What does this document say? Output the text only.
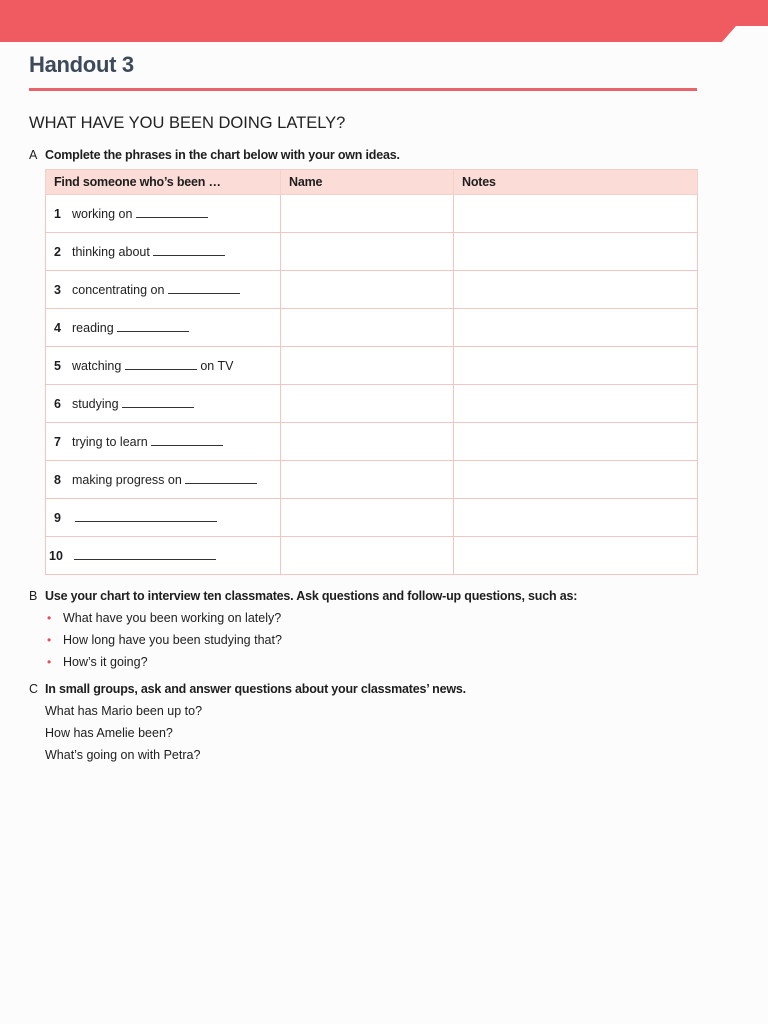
Handout 3
WHAT HAVE YOU BEEN DOING LATELY?
A Complete the phrases in the chart below with your own ideas.
Find someone who’s been …	Name	Notes
1 working on		
2 thinking about		
3 concentrating on		
4 reading		
5 watching on TV		
6 studying		
7 trying to learn		
8 making progress on		
9		
10		
B Use your chart to interview ten classmates. Ask questions and follow-up questions, such as:
• What have you been working on lately?
• How long have you been studying that?
• How’s it going?
C In small groups, ask and answer questions about your classmates’ news.
What has Mario been up to?
How has Amelie been?
What’s going on with Petra?
